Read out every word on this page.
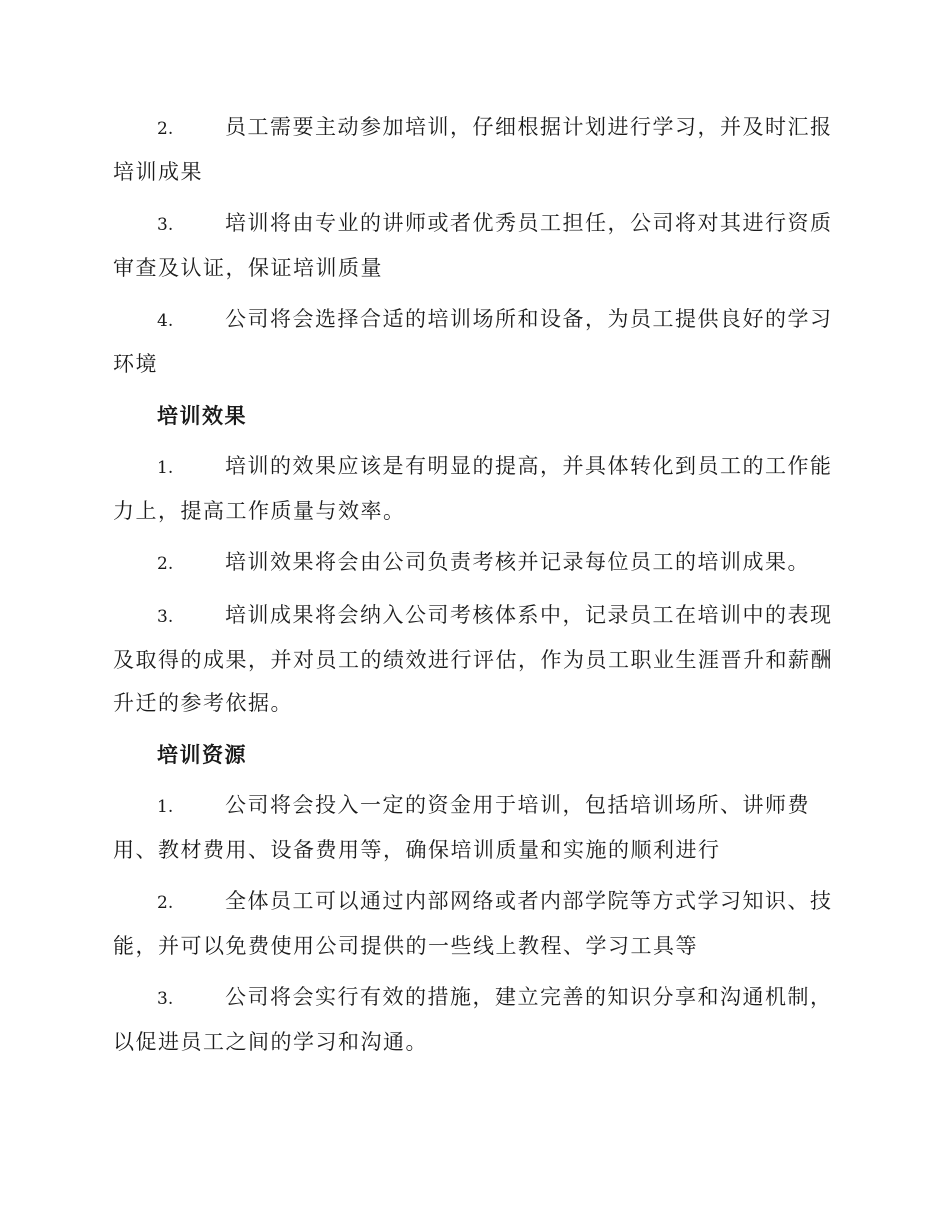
2. 员工需要主动参加培训，仔细根据计划进行学习，并及时汇报培训成果

3. 培训将由专业的讲师或者优秀员工担任，公司将对其进行资质审查及认证，保证培训质量

4. 公司将会选择合适的培训场所和设备，为员工提供良好的学习环境

培训效果

1. 培训的效果应该是有明显的提高，并具体转化到员工的工作能力上，提高工作质量与效率。

2. 培训效果将会由公司负责考核并记录每位员工的培训成果。

3. 培训成果将会纳入公司考核体系中，记录员工在培训中的表现及取得的成果，并对员工的绩效进行评估，作为员工职业生涯晋升和薪酬升迁的参考依据。

培训资源

1. 公司将会投入一定的资金用于培训，包括培训场所、讲师费用、教材费用、设备费用等，确保培训质量和实施的顺利进行

2. 全体员工可以通过内部网络或者内部学院等方式学习知识、技能，并可以免费使用公司提供的一些线上教程、学习工具等

3. 公司将会实行有效的措施，建立完善的知识分享和沟通机制，以促进员工之间的学习和沟通。
